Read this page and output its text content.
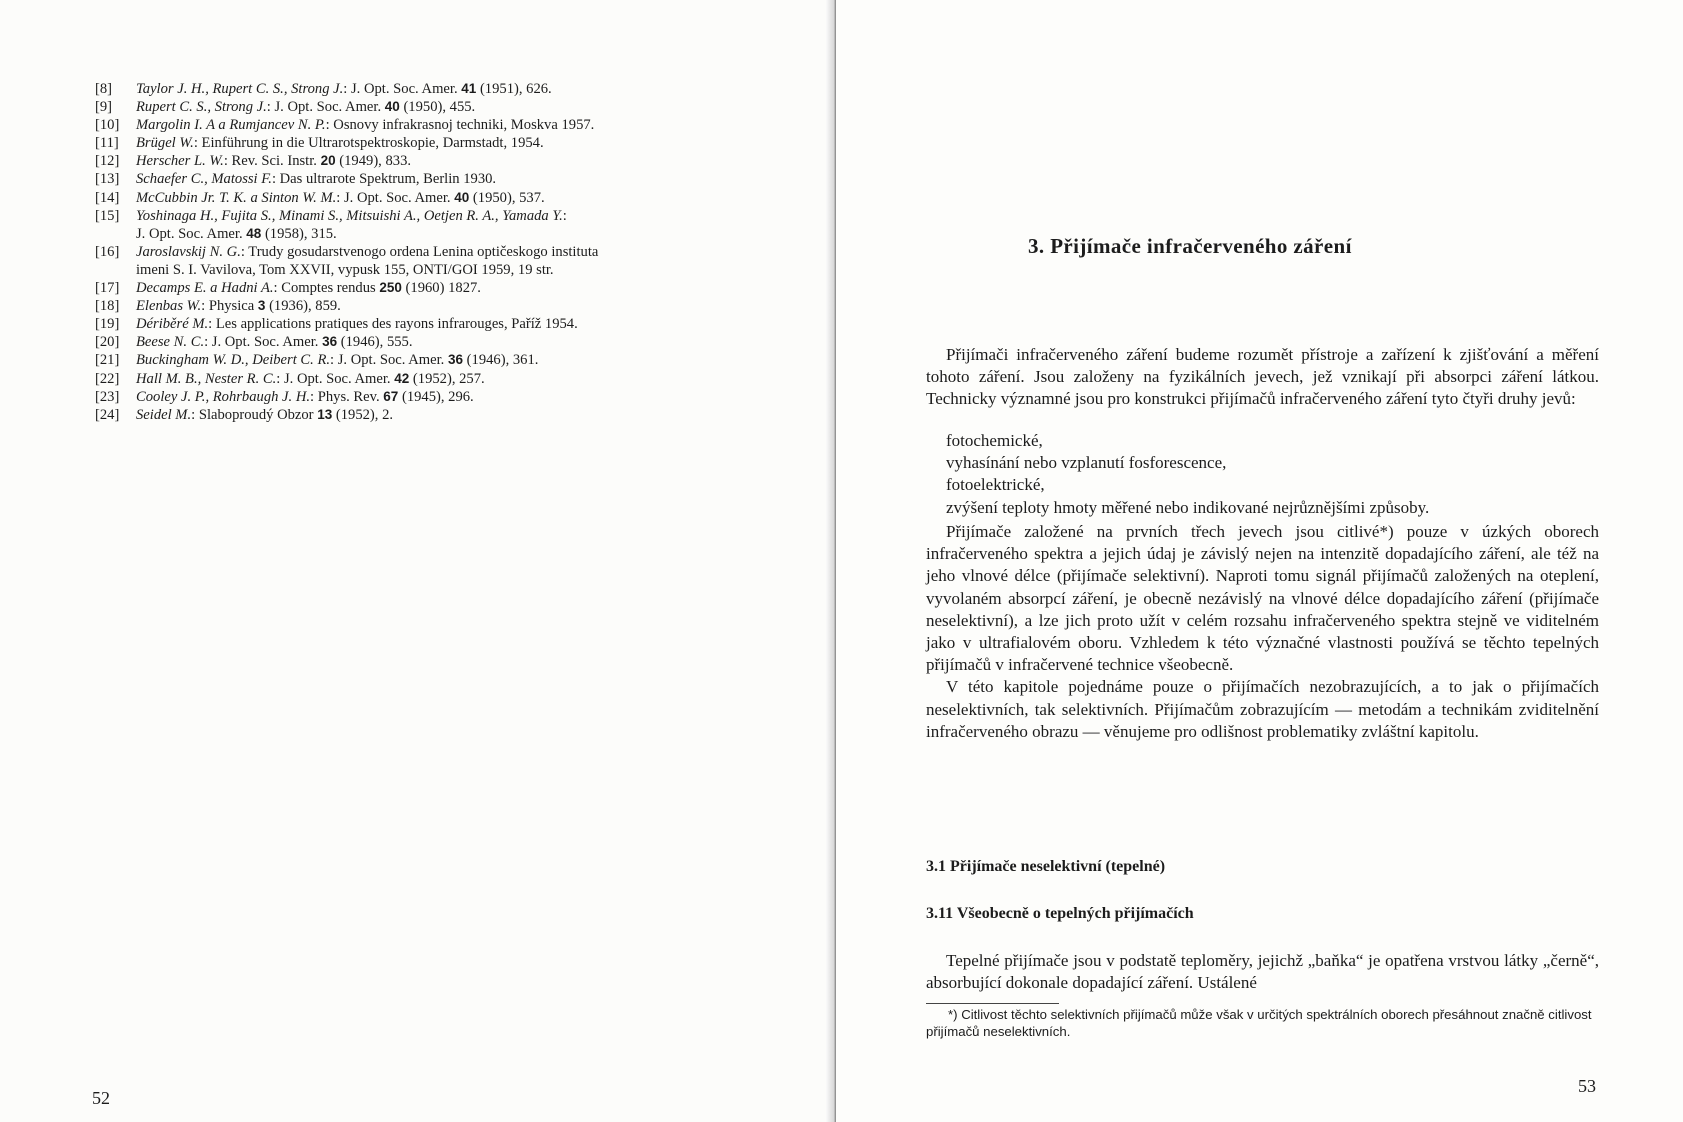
[8] Taylor J. H., Rupert C. S., Strong J.: J. Opt. Soc. Amer. 41 (1951), 626.
[9] Rupert C. S., Strong J.: J. Opt. Soc. Amer. 40 (1950), 455.
[10] Margolin I. A a Rumjancev N. P.: Osnovy infrakrasnoj techniki, Moskva 1957.
[11] Brügel W.: Einführung in die Ultrarotspektroskopie, Darmstadt, 1954.
[12] Herscher L. W.: Rev. Sci. Instr. 20 (1949), 833.
[13] Schaefer C., Matossi F.: Das ultrarote Spektrum, Berlin 1930.
[14] McCubbin Jr. T. K. a Sinton W. M.: J. Opt. Soc. Amer. 40 (1950), 537.
[15] Yoshinaga H., Fujita S., Minami S., Mitsuishi A., Oetjen R. A., Yamada Y.:
J. Opt. Soc. Amer. 48 (1958), 315.
[16] Jaroslavskij N. G.: Trudy gosudarstvenogo ordena Lenina optičeskogo instituta
imeni S. I. Vavilova, Tom XXVII, vypusk 155, ONTI/GOI 1959, 19 str.
[17] Decamps E. a Hadni A.: Comptes rendus 250 (1960) 1827.
[18] Elenbas W.: Physica 3 (1936), 859.
[19] Dériběré M.: Les applications pratiques des rayons infrarouges, Paříž 1954.
[20] Beese N. C.: J. Opt. Soc. Amer. 36 (1946), 555.
[21] Buckingham W. D., Deibert C. R.: J. Opt. Soc. Amer. 36 (1946), 361.
[22] Hall M. B., Nester R. C.: J. Opt. Soc. Amer. 42 (1952), 257.
[23] Cooley J. P., Rohrbaugh J. H.: Phys. Rev. 67 (1945), 296.
[24] Seidel M.: Slaboproudý Obzor 13 (1952), 2.
52
3. Přijímače infračerveného záření

Přijímači infračerveného záření budeme rozumět přístroje a zařízení k zjišťování a měření tohoto záření. Jsou založeny na fyzikálních jevech, jež vznikají při absorpci záření látkou. Technicky významné jsou pro konstrukci přijímačů infračerveného záření tyto čtyři druhy jevů:

fotochemické,
vyhasínání nebo vzplanutí fosforescence,
fotoelektrické,
zvýšení teploty hmoty měřené nebo indikované nejrůznějšími způsoby.

Přijímače založené na prvních třech jevech jsou citlivé*) pouze v úzkých oborech infračerveného spektra a jejich údaj je závislý nejen na intenzitě dopadajícího záření, ale též na jeho vlnové délce (přijímače selektivní). Naproti tomu signál přijímačů založených na oteplení, vyvolaném absorpcí záření, je obecně nezávislý na vlnové délce dopadajícího záření (přijímače neselektivní), a lze jich proto užít v celém rozsahu infračerveného spektra stejně ve viditelném jako v ultrafialovém oboru. Vzhledem k této význačné vlastnosti používá se těchto tepelných přijímačů v infračervené technice všeobecně.

V této kapitole pojednáme pouze o přijímačích nezobrazujících, a to jak o přijímačích neselektivních, tak selektivních. Přijímačům zobrazujícím — metodám a technikám zviditelnění infračerveného obrazu — věnujeme pro odlišnost problematiky zvláštní kapitolu.

3.1 Přijímače neselektivní (tepelné)
3.11 Všeobecně o tepelných přijímačích

Tepelné přijímače jsou v podstatě teploměry, jejichž „baňka“ je opatřena vrstvou látky „černě“, absorbující dokonale dopadající záření. Ustálené

*) Citlivost těchto selektivních přijímačů může však v určitých spektrálních oborech přesáhnout značně citlivost přijímačů neselektivních.

53
